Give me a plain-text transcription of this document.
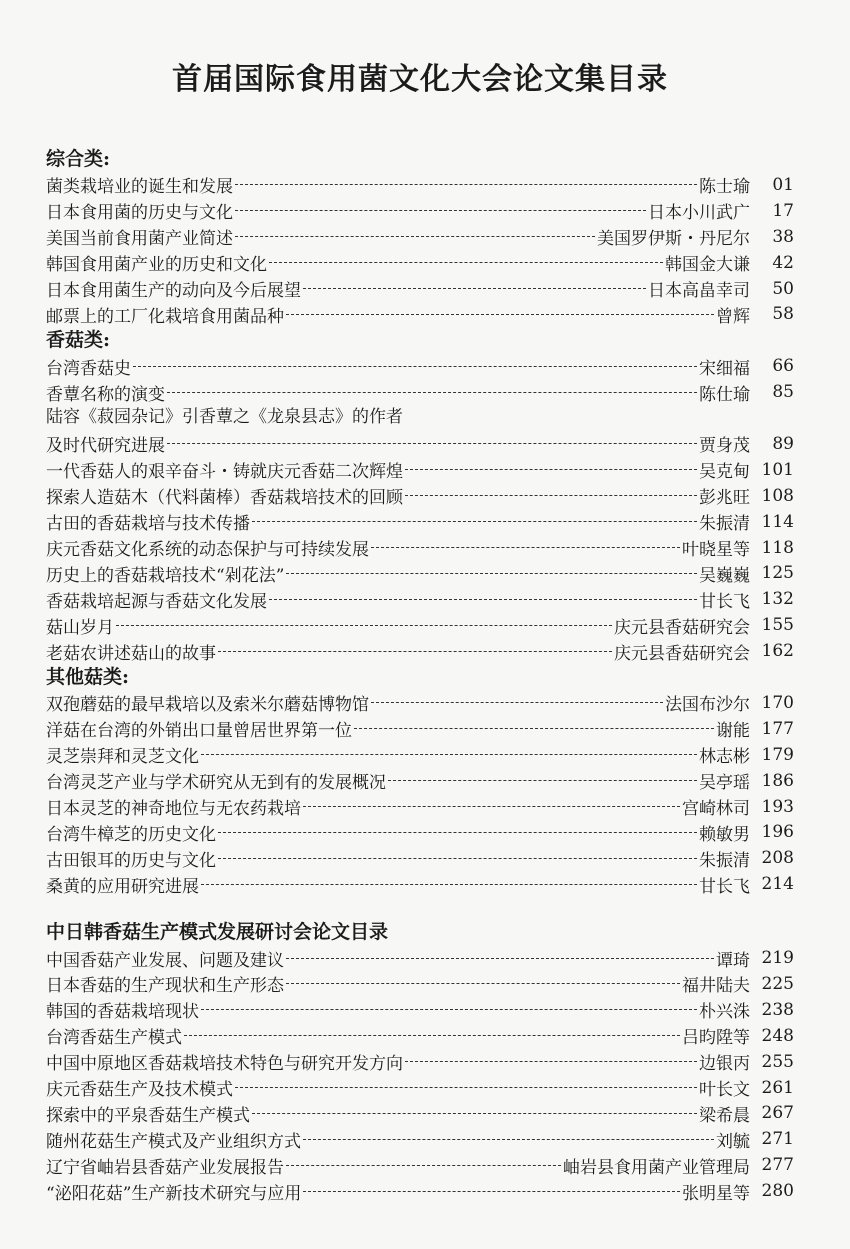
首届国际食用菌文化大会论文集目录
综合类:
菌类栽培业的诞生和发展	陈士瑜	01
日本食用菌的历史与文化	日本小川武广	17
美国当前食用菌产业简述	美国罗伊斯・丹尼尔	38
韩国食用菌产业的历史和文化	韩国金大谦	42
日本食用菌生产的动向及今后展望	日本高畠幸司	50
邮票上的工厂化栽培食用菌品种	曾辉	58
香菇类:
台湾香菇史	宋细福	66
香蕈名称的演变	陈仕瑜	85
陆容《菽园杂记》引香蕈之《龙泉县志》的作者
及时代研究进展	贾身茂	89
一代香菇人的艰辛奋斗・铸就庆元香菇二次辉煌	吴克甸 101
探索人造菇木（代料菌棒）香菇栽培技术的回顾	彭兆旺 108
古田的香菇栽培与技术传播	朱振清 114
庆元香菇文化系统的动态保护与可持续发展	叶晓星等 118
历史上的香菇栽培技术“剁花法”	吴巍巍 125
香菇栽培起源与香菇文化发展	甘长飞 132
菇山岁月	庆元县香菇研究会 155
老菇农讲述菇山的故事	庆元县香菇研究会 162
其他菇类:
双孢蘑菇的最早栽培以及索米尔蘑菇博物馆	法国布沙尔 170
洋菇在台湾的外销出口量曾居世界第一位	谢能 177
灵芝崇拜和灵芝文化	林志彬 179
台湾灵芝产业与学术研究从无到有的发展概况	吴亭瑶 186
日本灵芝的神奇地位与无农药栽培	宫崎林司 193
台湾牛樟芝的历史文化	赖敏男 196
古田银耳的历史与文化	朱振清 208
桑黄的应用研究进展	甘长飞 214
中日韩香菇生产模式发展研讨会论文目录
中国香菇产业发展、问题及建议	谭琦 219
日本香菇的生产现状和生产形态	福井陆夫 225
韩国的香菇栽培现状	朴兴洙 238
台湾香菇生产模式	吕昀陞等 248
中国中原地区香菇栽培技术特色与研究开发方向	边银丙 255
庆元香菇生产及技术模式	叶长文 261
探索中的平泉香菇生产模式	梁希晨 267
随州花菇生产模式及产业组织方式	刘毓 271
辽宁省岫岩县香菇产业发展报告	岫岩县食用菌产业管理局 277
“泌阳花菇”生产新技术研究与应用	张明星等 280
